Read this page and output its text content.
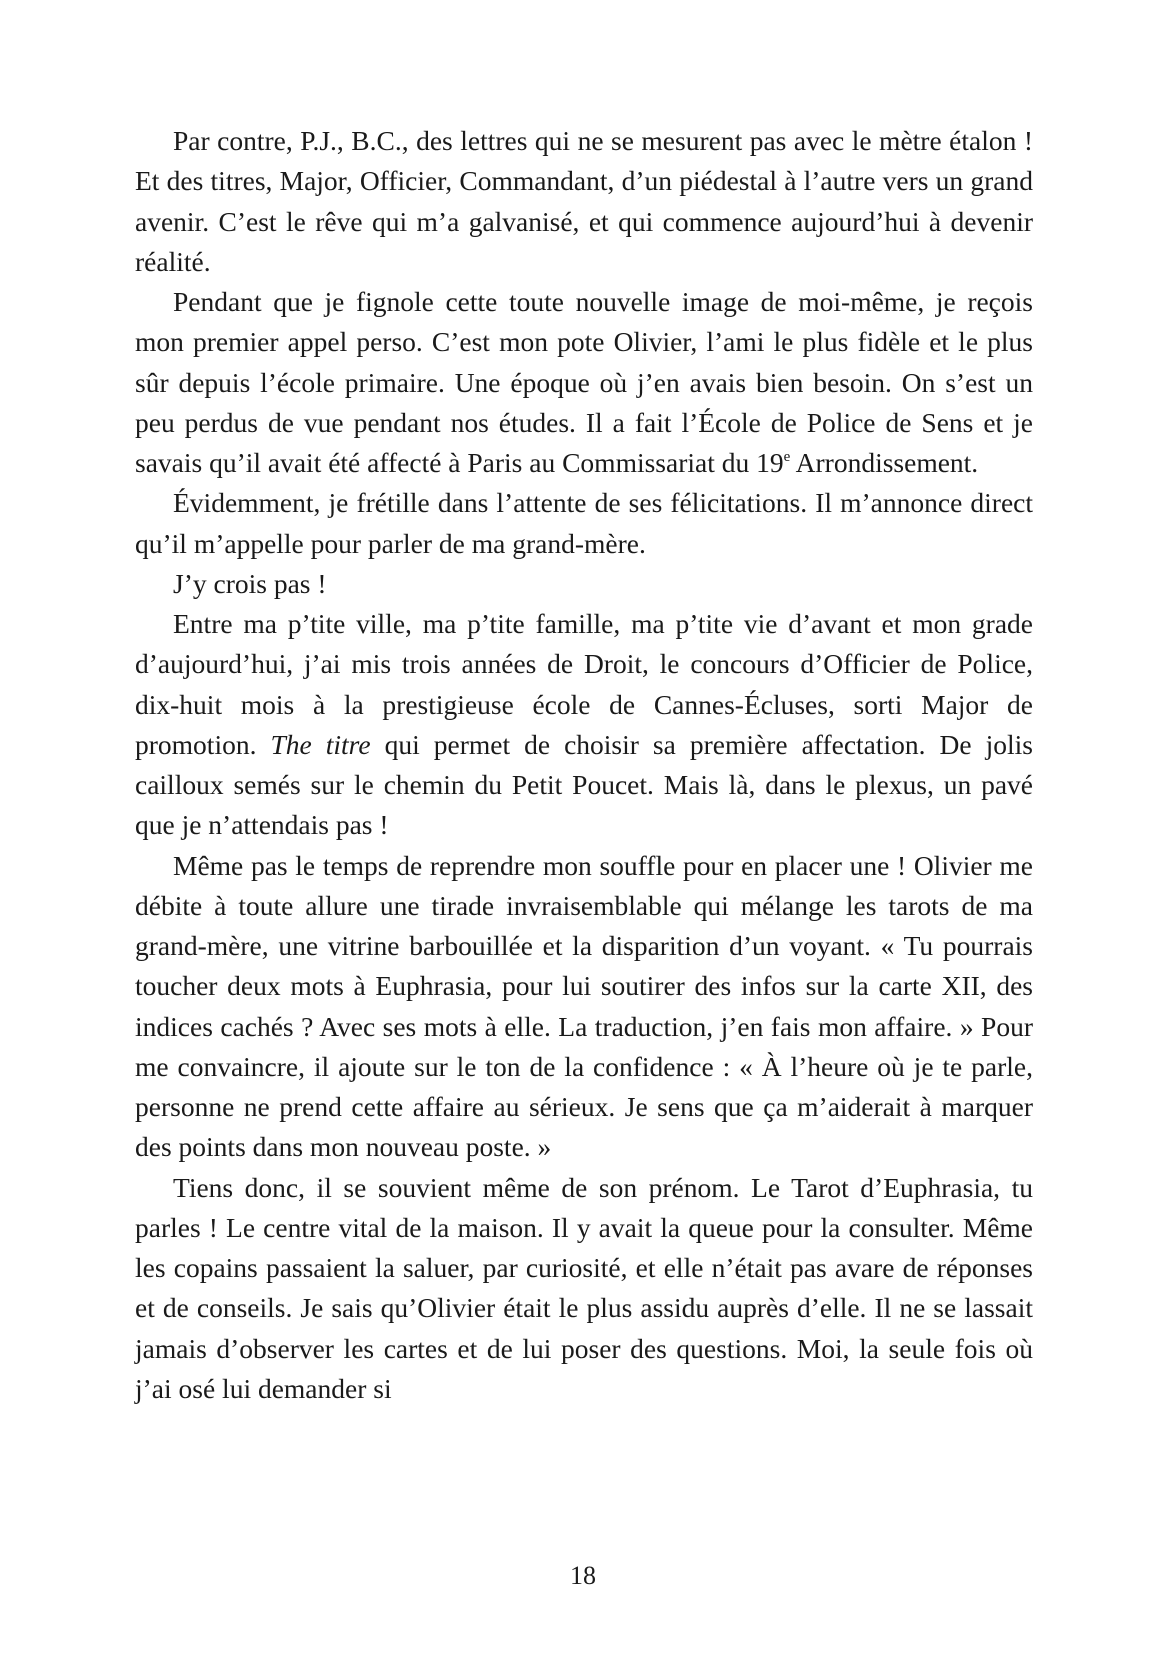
Par contre, P.J., B.C., des lettres qui ne se mesurent pas avec le mètre étalon ! Et des titres, Major, Officier, Commandant, d’un piédestal à l’autre vers un grand avenir. C’est le rêve qui m’a galvanisé, et qui commence aujourd’hui à devenir réalité.

Pendant que je fignole cette toute nouvelle image de moi-même, je reçois mon premier appel perso. C’est mon pote Olivier, l’ami le plus fidèle et le plus sûr depuis l’école primaire. Une époque où j’en avais bien besoin. On s’est un peu perdus de vue pendant nos études. Il a fait l’École de Police de Sens et je savais qu’il avait été affecté à Paris au Commissariat du 19e Arrondissement.

Évidemment, je frétille dans l’attente de ses félicitations. Il m’annonce direct qu’il m’appelle pour parler de ma grand-mère.

J’y crois pas !

Entre ma p’tite ville, ma p’tite famille, ma p’tite vie d’avant et mon grade d’aujourd’hui, j’ai mis trois années de Droit, le concours d’Officier de Police, dix-huit mois à la prestigieuse école de Cannes-Écluses, sorti Major de promotion. The titre qui permet de choisir sa première affectation. De jolis cailloux semés sur le chemin du Petit Poucet. Mais là, dans le plexus, un pavé que je n’attendais pas !

Même pas le temps de reprendre mon souffle pour en placer une ! Olivier me débite à toute allure une tirade invraisemblable qui mélange les tarots de ma grand-mère, une vitrine barbouillée et la disparition d’un voyant. « Tu pourrais toucher deux mots à Euphrasia, pour lui soutirer des infos sur la carte XII, des indices cachés ? Avec ses mots à elle. La traduction, j’en fais mon affaire. » Pour me convaincre, il ajoute sur le ton de la confidence : « À l’heure où je te parle, personne ne prend cette affaire au sérieux. Je sens que ça m’aiderait à marquer des points dans mon nouveau poste. »

Tiens donc, il se souvient même de son prénom. Le Tarot d’Euphrasia, tu parles ! Le centre vital de la maison. Il y avait la queue pour la consulter. Même les copains passaient la saluer, par curiosité, et elle n’était pas avare de réponses et de conseils. Je sais qu’Olivier était le plus assidu auprès d’elle. Il ne se lassait jamais d’observer les cartes et de lui poser des questions. Moi, la seule fois où j’ai osé lui demander si

18
